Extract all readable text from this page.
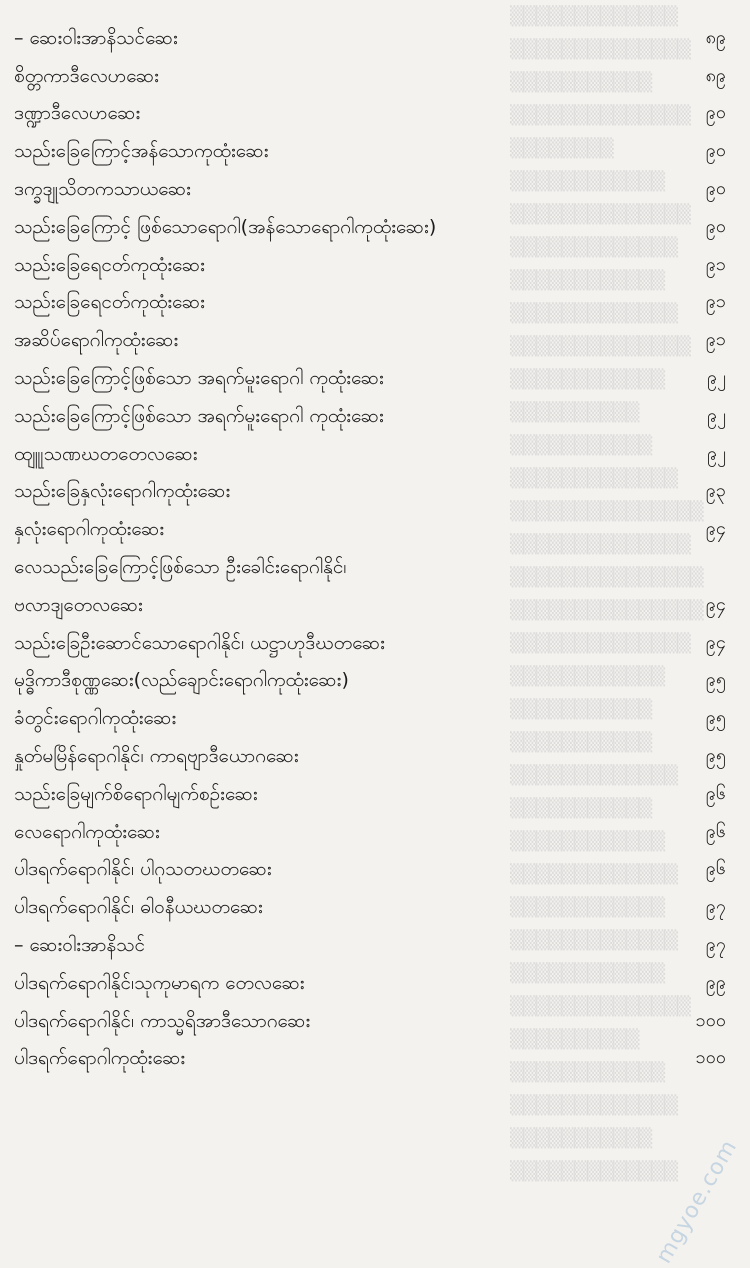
▒▒▒▒▒▒▒▒▒▒▒▒▒
▒▒▒▒▒▒▒▒▒▒▒▒▒▒
▒▒▒▒▒▒▒▒▒▒▒
▒▒▒▒▒▒▒▒▒▒▒▒▒▒
▒▒▒▒▒▒▒▒
▒▒▒▒▒▒▒▒▒▒▒▒
▒▒▒▒▒▒▒▒▒▒▒▒▒▒
▒▒▒▒▒▒▒▒▒▒▒▒▒
▒▒▒▒▒▒▒▒▒▒▒▒
▒▒▒▒▒▒▒▒▒▒▒▒▒
▒▒▒▒▒▒▒▒▒▒▒▒▒▒
▒▒▒▒▒▒▒▒▒▒▒▒
▒▒▒▒▒▒▒▒▒▒
▒▒▒▒▒▒▒▒▒▒▒
▒▒▒▒▒▒▒▒▒▒▒▒▒
▒▒▒▒▒▒▒▒▒▒▒▒▒▒▒
▒▒▒▒▒▒▒▒▒▒▒▒▒▒
▒▒▒▒▒▒▒▒▒▒▒▒▒▒▒
▒▒▒▒▒▒▒▒▒▒▒▒▒▒▒
▒▒▒▒▒▒▒▒▒▒▒▒▒▒
▒▒▒▒▒▒▒▒▒▒▒▒
▒▒▒▒▒▒▒▒▒▒▒
▒▒▒▒▒▒▒▒▒▒▒
▒▒▒▒▒▒▒▒▒▒▒▒▒
▒▒▒▒▒▒▒▒▒▒▒
▒▒▒▒▒▒▒▒▒▒▒▒
▒▒▒▒▒▒▒▒▒▒▒▒▒
▒▒▒▒▒▒▒▒▒▒▒▒
▒▒▒▒▒▒▒▒▒▒▒▒▒
▒▒▒▒▒▒▒▒▒▒▒▒
▒▒▒▒▒▒▒▒▒▒▒▒▒▒
▒▒▒▒▒▒▒▒▒▒
▒▒▒▒▒▒▒▒▒▒▒▒
▒▒▒▒▒▒▒▒▒▒▒▒▒
▒▒▒▒▒▒▒▒▒▒▒
▒▒▒▒▒▒▒▒▒▒▒▒▒
– ဆေးဝါးအာနိသင်ဆေး	၈၉
စိတ္တကာဒီလေဟဆေး	၈၉
ဒဏ္ဍာဒီလေဟဆေး	၉၀
သည်းခြေကြောင့်အန်သောကုထုံးဆေး	၉၀
ဒက္ခဒျုသိတကသာယဆေး	၉၀
သည်းခြေကြောင့် ဖြစ်သောရောဂါ(အန်သောရောဂါကုထုံးဆေး)	၉၀
သည်းခြေရေငတ်ကုထုံးဆေး	၉၁
သည်းခြေရေငတ်ကုထုံးဆေး	၉၁
အဆိပ်ရောဂါကုထုံးဆေး	၉၁
သည်းခြေကြောင့်ဖြစ်သော အရက်မူးရောဂါ ကုထုံးဆေး	၉၂
သည်းခြေကြောင့်ဖြစ်သော အရက်မူးရောဂါ ကုထုံးဆေး	၉၂
ထျူုသဏဃတတေလဆေး	၉၂
သည်းခြေနှလုံးရောဂါကုထုံးဆေး	၉၃
နှလုံးရောဂါကုထုံးဆေး	၉၄
လေသည်းခြေကြောင့်ဖြစ်သော ဦးခေါင်းရောဂါနိုင်၊
ဗလာဒျတေလဆေး	၉၄
သည်းခြေဦးဆောင်သောရောဂါနိုင်၊ ယဋ္ဌာဟုဒီဃတဆေး	၉၄
မုဒ္ဓိကာဒီစုဏ္ဏဆေး(လည်ချောင်းရောဂါကုထုံးဆေး)	၉၅
ခံတွင်းရောဂါကုထုံးဆေး	၉၅
နှုတ်မမြိန်ရောဂါနိုင်၊ ကာရဗျာဒီယောဂဆေး	၉၅
သည်းခြေမျက်စိရောဂါမျက်စဉ်းဆေး	၉၆
လေရောဂါကုထုံးဆေး	၉၆
ပါဒရက်ရောဂါနိုင်၊ ပါဂုသတဃတဆေး	၉၆
ပါဒရက်ရောဂါနိုင်၊ ဓါဝနီယဃတဆေး	၉၇
– ဆေးဝါးအာနိသင်	၉၇
ပါဒရက်ရောဂါနိုင်၊သုကုမာရက တေလဆေး	၉၉
ပါဒရက်ရောဂါနိုင်၊ ကာသ္မရိအာဒီသောဂဆေး	၁၀၀
ပါဒရက်ရောဂါကုထုံးဆေး	၁၀၀
mgyoe.com
